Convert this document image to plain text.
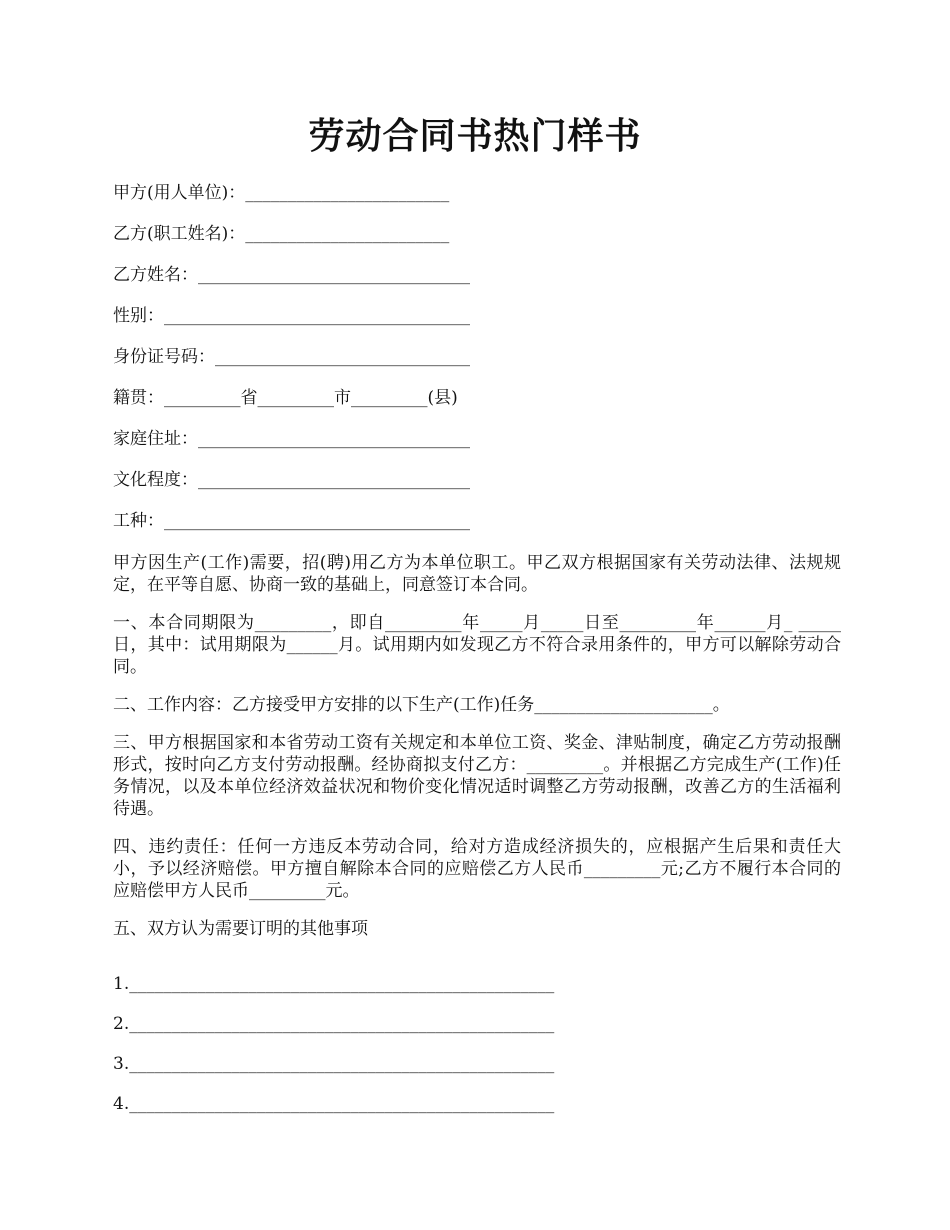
劳动合同书热门样书
甲方(用人单位)：________________________
乙方(职工姓名)：________________________
乙方姓名：________________________________
性别：____________________________________
身份证号码：______________________________
籍贯：_________省_________市_________(县)
家庭住址：________________________________
文化程度：________________________________
工种：____________________________________

甲方因生产(工作)需要，招(聘)用乙方为本单位职工。甲乙双方根据国家有关劳动法律、法规规定，在平等自愿、协商一致的基础上，同意签订本合同。

一、本合同期限为_________，即自_________年_____月_____日至_________年______月_ _____日，其中：试用期限为______月。试用期内如发现乙方不符合录用条件的，甲方可以解除劳动合同。

二、工作内容：乙方接受甲方安排的以下生产(工作)任务_____________________。

三、甲方根据国家和本省劳动工资有关规定和本单位工资、奖金、津贴制度，确定乙方劳动报酬形式，按时向乙方支付劳动报酬。经协商拟支付乙方：_________。并根据乙方完成生产(工作)任务情况，以及本单位经济效益状况和物价变化情况适时调整乙方劳动报酬，改善乙方的生活福利待遇。

四、违约责任：任何一方违反本劳动合同，给对方造成经济损失的，应根据产生后果和责任大小，予以经济赔偿。甲方擅自解除本合同的应赔偿乙方人民币_________元;乙方不履行本合同的应赔偿甲方人民币_________元。

五、双方认为需要订明的其他事项

1.__________________________________________________
2.__________________________________________________
3.__________________________________________________
4.__________________________________________________
